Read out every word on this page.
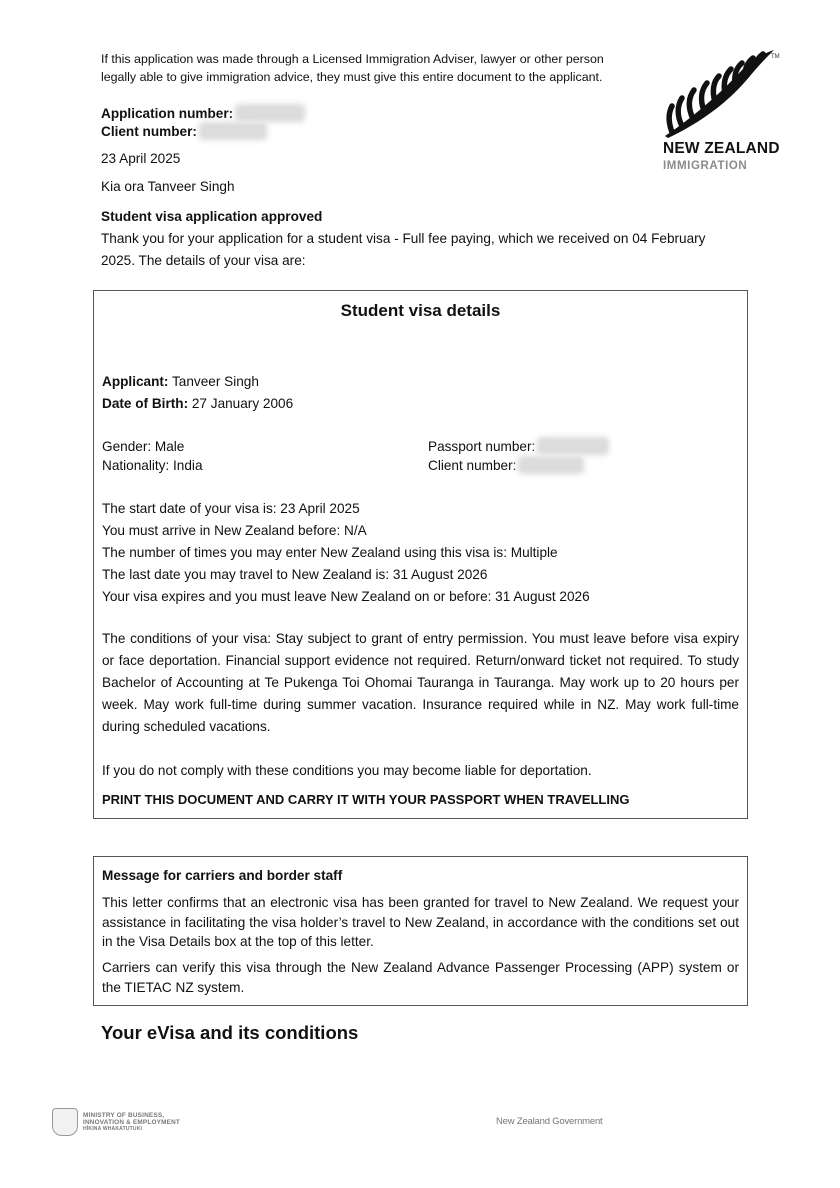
If this application was made through a Licensed Immigration Adviser, lawyer or other person
legally able to give immigration advice, they must give this entire document to the applicant.
TM
NEW ZEALAND
IMMIGRATION
Application number:
Client number:
23 April 2025
Kia ora Tanveer Singh
Student visa application approved
Thank you for your application for a student visa - Full fee paying, which we received on 04 February 2025. The details of your visa are:
Student visa details
Applicant: Tanveer Singh
Date of Birth: 27 January 2006
Gender: Male
Nationality: India
Passport number:
Client number:
The start date of your visa is: 23 April 2025
You must arrive in New Zealand before: N/A
The number of times you may enter New Zealand using this visa is: Multiple
The last date you may travel to New Zealand is: 31 August 2026
Your visa expires and you must leave New Zealand on or before: 31 August 2026
The conditions of your visa: Stay subject to grant of entry permission. You must leave before visa expiry or face deportation. Financial support evidence not required. Return/onward ticket not required. To study Bachelor of Accounting at Te Pukenga Toi Ohomai Tauranga in Tauranga. May work up to 20 hours per week. May work full-time during summer vacation. Insurance required while in NZ. May work full-time during scheduled vacations.
If you do not comply with these conditions you may become liable for deportation.
PRINT THIS DOCUMENT AND CARRY IT WITH YOUR PASSPORT WHEN TRAVELLING
Message for carriers and border staff
This letter confirms that an electronic visa has been granted for travel to New Zealand. We request your assistance in facilitating the visa holder’s travel to New Zealand, in accordance with the conditions set out in the Visa Details box at the top of this letter.
Carriers can verify this visa through the New Zealand Advance Passenger Processing (APP) system or the TIETAC NZ system.
Your eVisa and its conditions
MINISTRY OF BUSINESS,
INNOVATION & EMPLOYMENT
HĪKINA WHAKATUTUKI
New Zealand Government
